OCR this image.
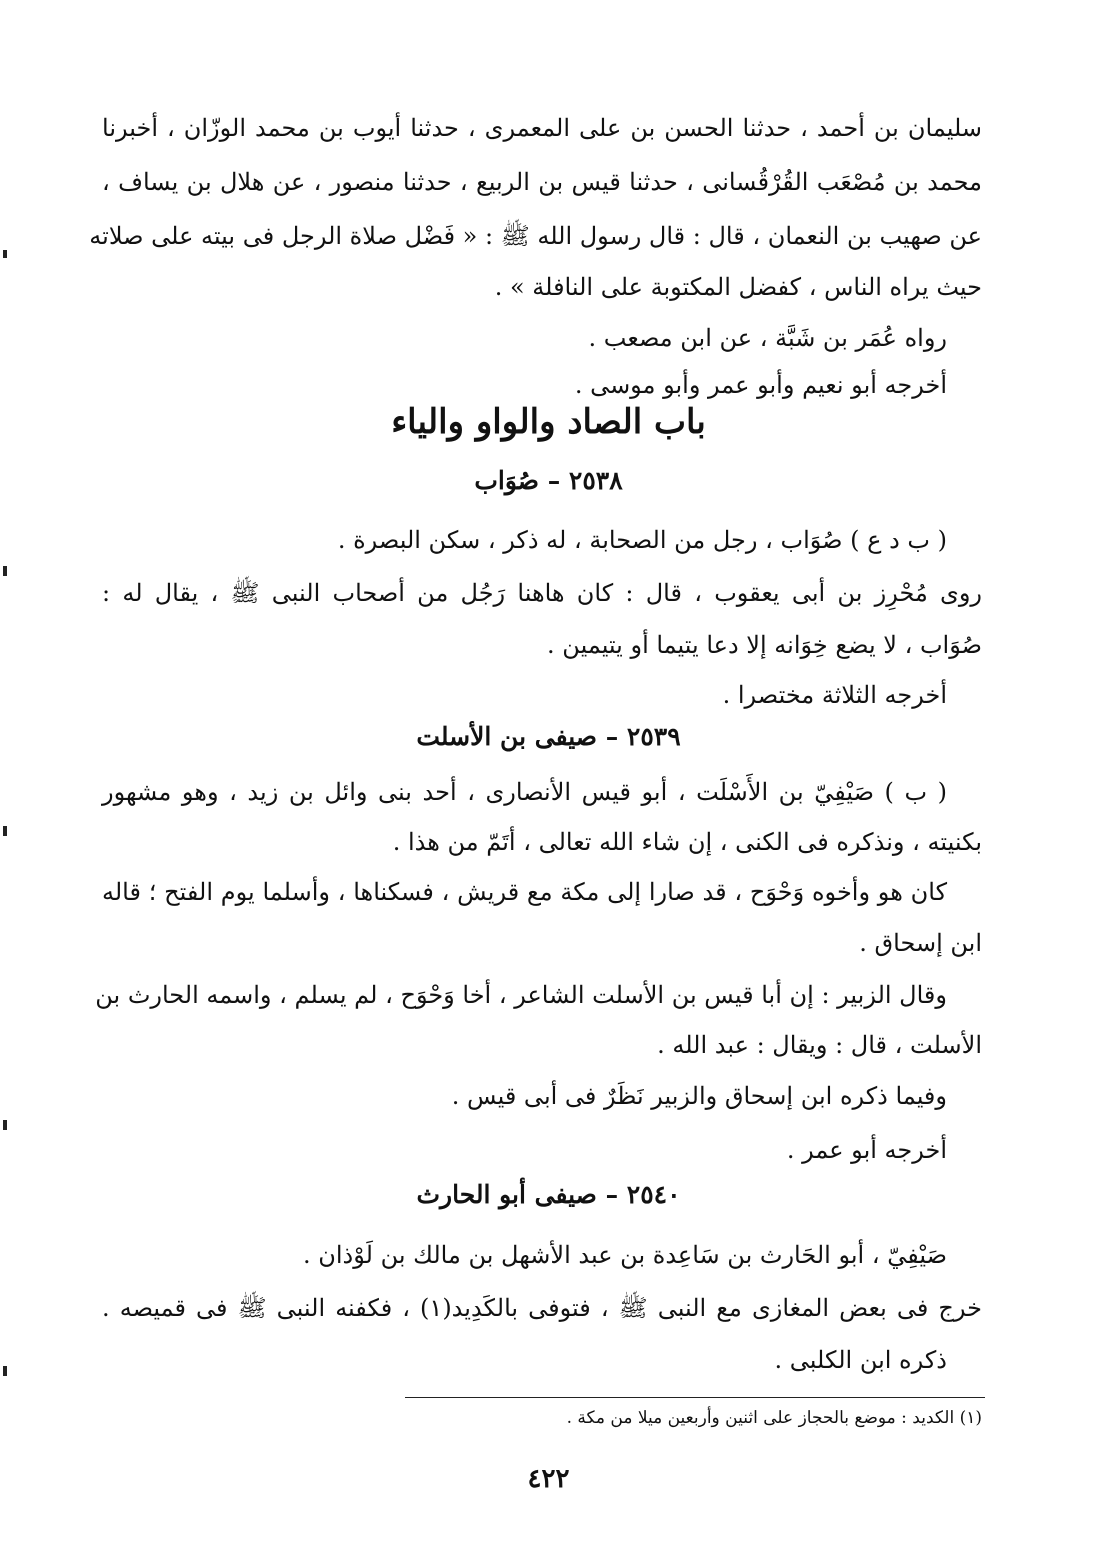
سليمان بن أحمد ، حدثنا الحسن بن على المعمرى ، حدثنا أيوب بن محمد الوزّان ، أخبرنا
محمد بن مُصْعَب القُرْقُسانى ، حدثنا قيس بن الربيع ، حدثنا منصور ، عن هلال بن يساف ،
عن صهيب بن النعمان ، قال : قال رسول الله ﷺ : « فَضْل صلاة الرجل فى بيته على صلاته
حيث يراه الناس ، كفضل المكتوبة على النافلة » .
رواه عُمَر بن شَبَّة ، عن ابن مصعب .
أخرجه أبو نعيم وأبو عمر وأبو موسى .
باب الصاد والواو والياء
٢٥٣٨ – صُوَاب
( ب د ع ) صُوَاب ، رجل من الصحابة ، له ذكر ، سكن البصرة .
روى مُحْرِز بن أبى يعقوب ، قال : كان هاهنا رَجُل من أصحاب النبى ﷺ ، يقال له :
صُوَاب ، لا يضع خِوَانه إلا دعا يتيما أو يتيمين .
أخرجه الثلاثة مختصرا .
٢٥٣٩ – صيفى بن الأسلت
( ب ) صَيْفِيّ بن الأَسْلَت ، أبو قيس الأنصارى ، أحد بنى وائل بن زيد ، وهو مشهور
بكنيته ، ونذكره فى الكنى ، إن شاء الله تعالى ، أتَمّ من هذا .
كان هو وأخوه وَحْوَح ، قد صارا إلى مكة مع قريش ، فسكناها ، وأسلما يوم الفتح ؛ قاله
ابن إسحاق .
وقال الزبير : إن أبا قيس بن الأسلت الشاعر ، أخا وَحْوَح ، لم يسلم ، واسمه الحارث بن
الأسلت ، قال : ويقال : عبد الله .
وفيما ذكره ابن إسحاق والزبير نَظَرٌ فى أبى قيس .
أخرجه أبو عمر .
٢٥٤٠ – صيفى أبو الحارث
صَيْفِيّ ، أبو الحَارث بن سَاعِدة بن عبد الأشهل بن مالك بن لَوْذان .
خرج فى بعض المغازى مع النبى ﷺ ، فتوفى بالكَدِيد(١) ، فكفنه النبى ﷺ فى قميصه .
ذكره ابن الكلبى .
(١) الكديد : موضع بالحجاز على اثنين وأربعين ميلا من مكة .
٤٢٢
